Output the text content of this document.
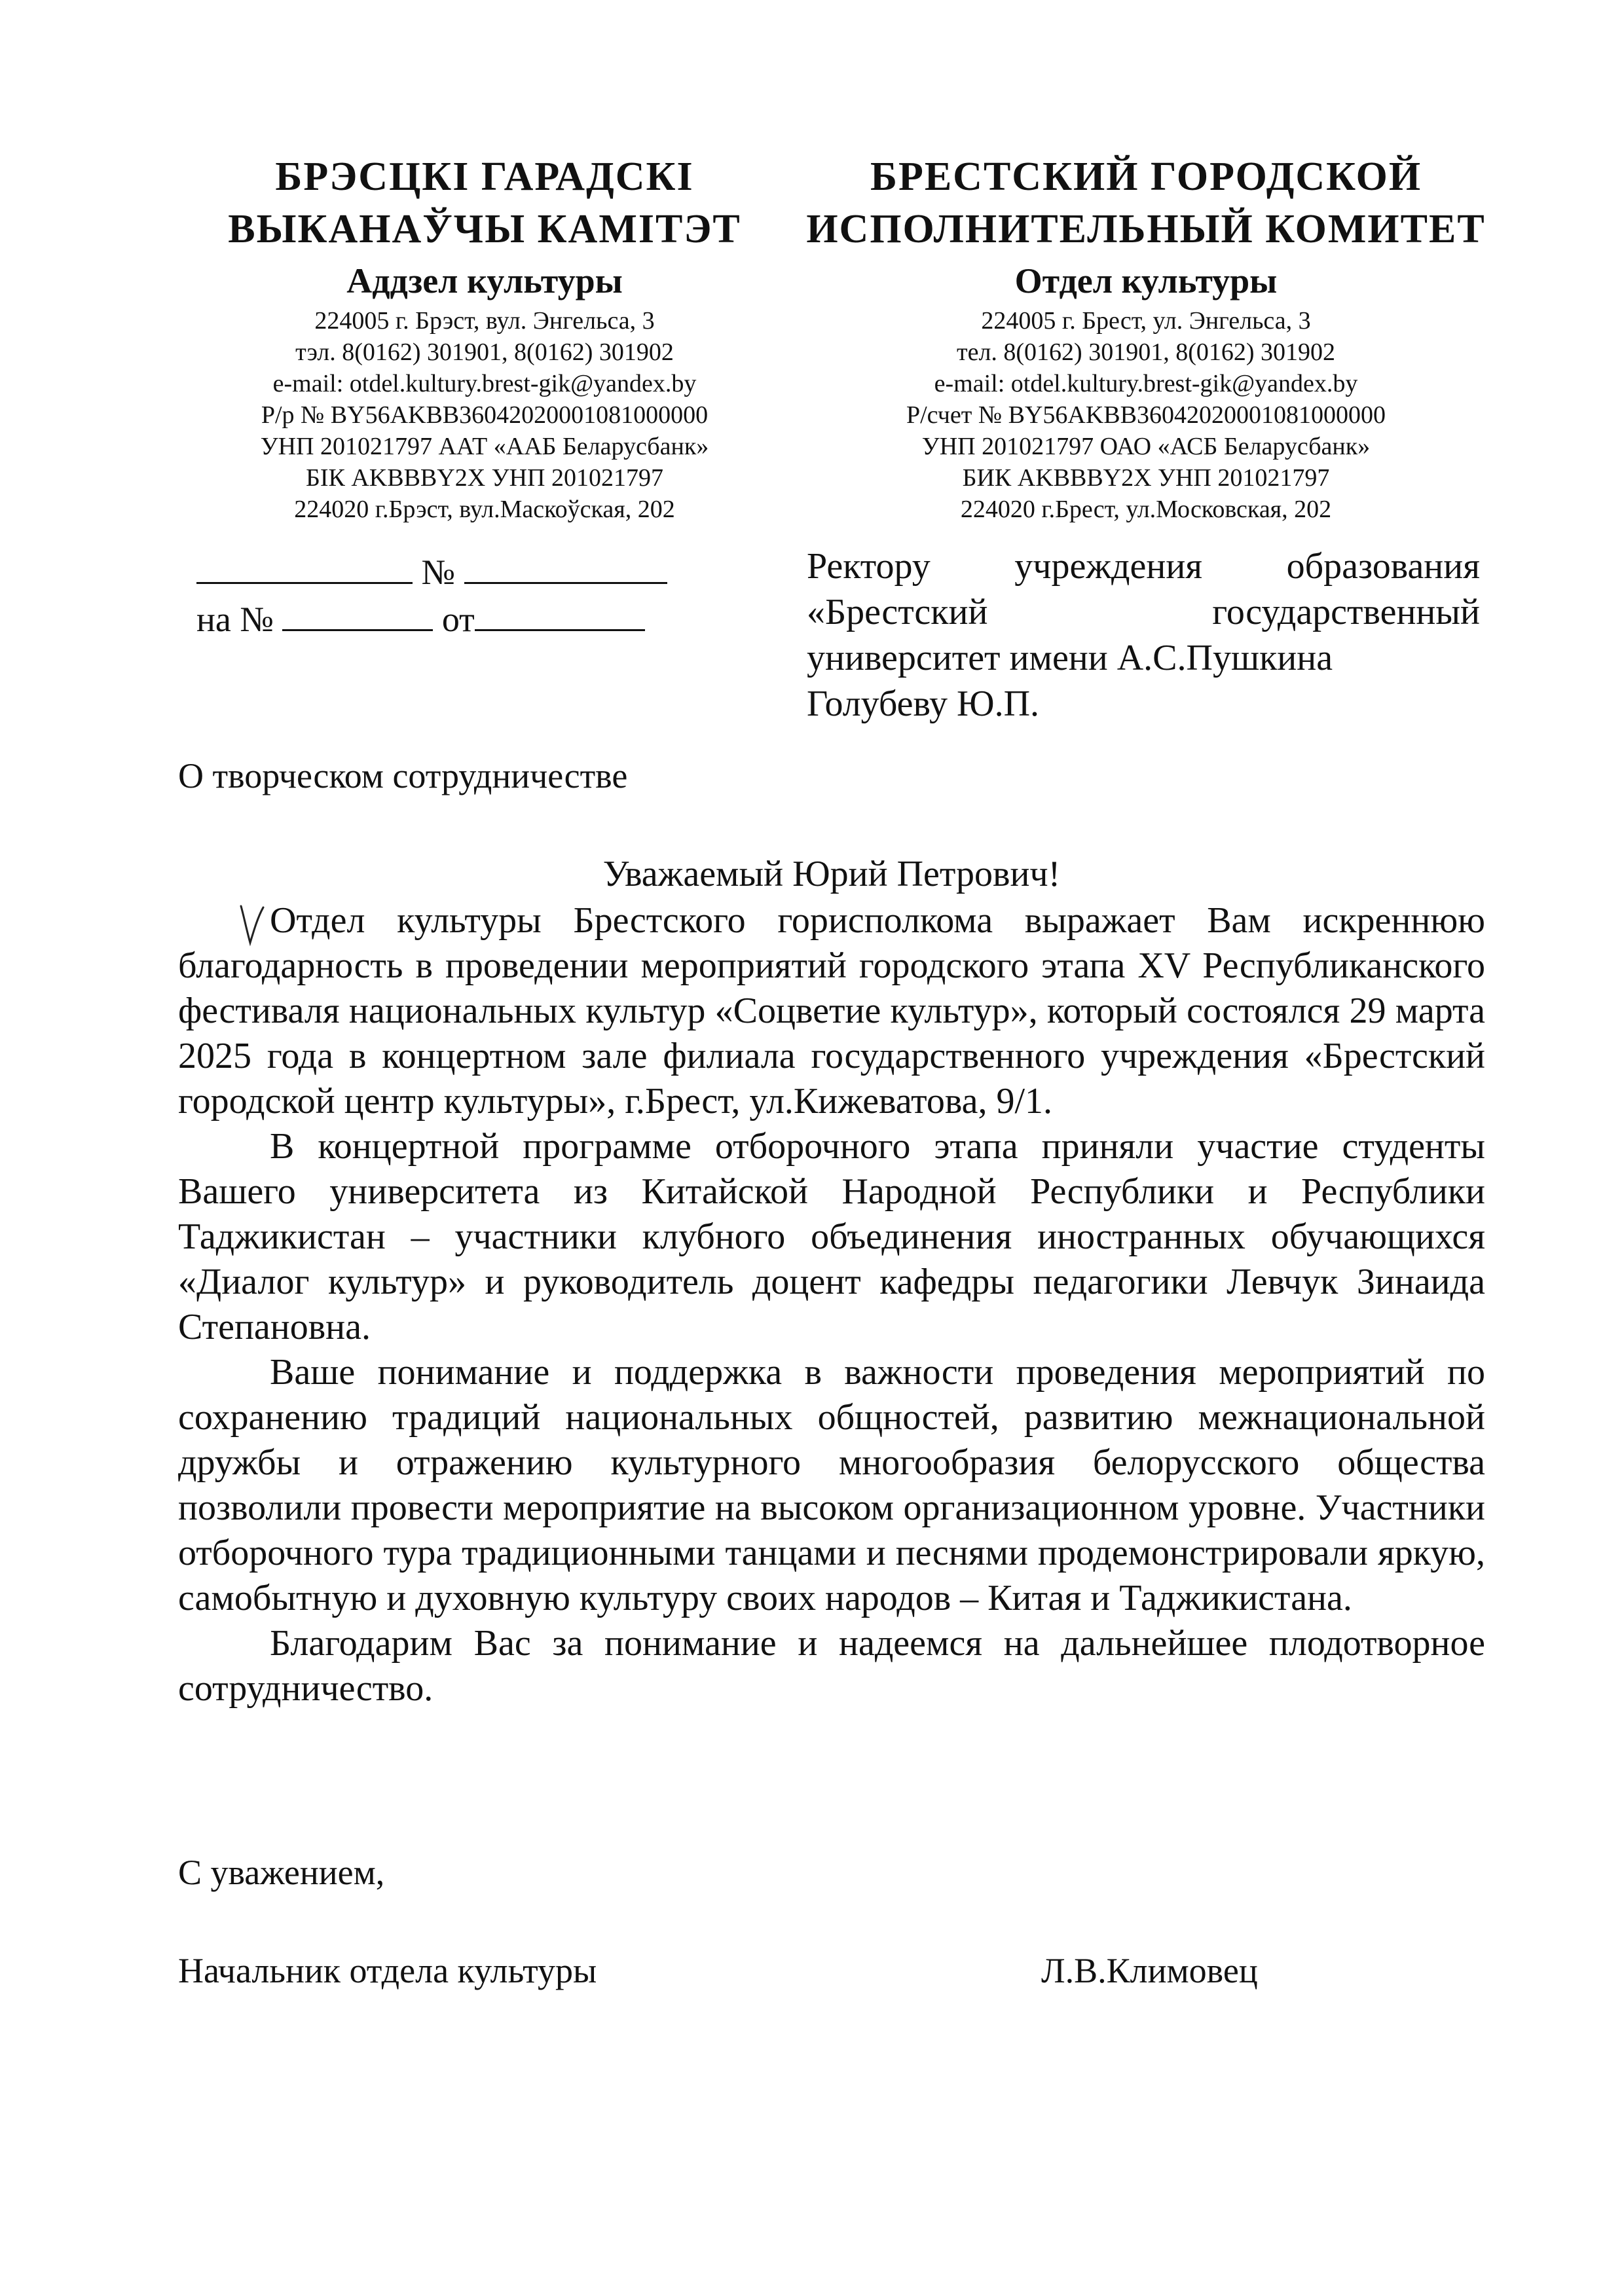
БРЭСЦКІ ГАРАДСКІ
ВЫКАНАЎЧЫ КАМІТЭТ
Аддзел культуры
224005 г. Брэст, вул. Энгельса, 3
тэл. 8(0162) 301901, 8(0162) 301902
e-mail: otdel.kultury.brest-gik@yandex.by
Р/р № BY56AKBB36042020001081000000
УНП 201021797 ААТ «ААБ Беларусбанк»
БІК AKBBBY2X УНП 201021797
224020 г.Брэст, вул.Маскоўская, 202
БРЕСТСКИЙ ГОРОДСКОЙ
ИСПОЛНИТЕЛЬНЫЙ КОМИТЕТ
Отдел культуры
224005 г. Брест, ул. Энгельса, 3
тел. 8(0162) 301901, 8(0162) 301902
e-mail: otdel.kultury.brest-gik@yandex.by
Р/счет № BY56AKBB36042020001081000000
УНП 201021797 ОАО «АСБ Беларусбанк»
БИК AKBBBY2X УНП 201021797
224020 г.Брест, ул.Московская, 202
№
на №	от
Ректору учреждения образования
«Брестский государственный
университет имени А.С.Пушкина
Голубеву Ю.П.
О творческом сотрудничестве
Уважаемый Юрий Петрович!

Отдел культуры Брестского горисполкома выражает Вам искреннюю благодарность в проведении мероприятий городского этапа XV Республиканского фестиваля национальных культур «Соцветие культур», который состоялся 29 марта 2025 года в концертном зале филиала государственного учреждения «Брестский городской центр культуры», г.Брест, ул.Кижеватова, 9/1.

В концертной программе отборочного этапа приняли участие студенты Вашего университета из Китайской Народной Республики и Республики Таджикистан – участники клубного объединения иностранных обучающихся «Диалог культур» и руководитель доцент кафедры педагогики Левчук Зинаида Степановна.

Ваше понимание и поддержка в важности проведения мероприятий по сохранению традиций национальных общностей, развитию межнациональной дружбы и отражению культурного многообразия белорусского общества позволили провести мероприятие на высоком организационном уровне. Участники отборочного тура традиционными танцами и песнями продемонстрировали яркую, самобытную и духовную культуру своих народов – Китая и Таджикистана.

Благодарим Вас за понимание и надеемся на дальнейшее плодотворное сотрудничество.

С уважением,
Начальник отдела культуры	Л.В.Климовец
